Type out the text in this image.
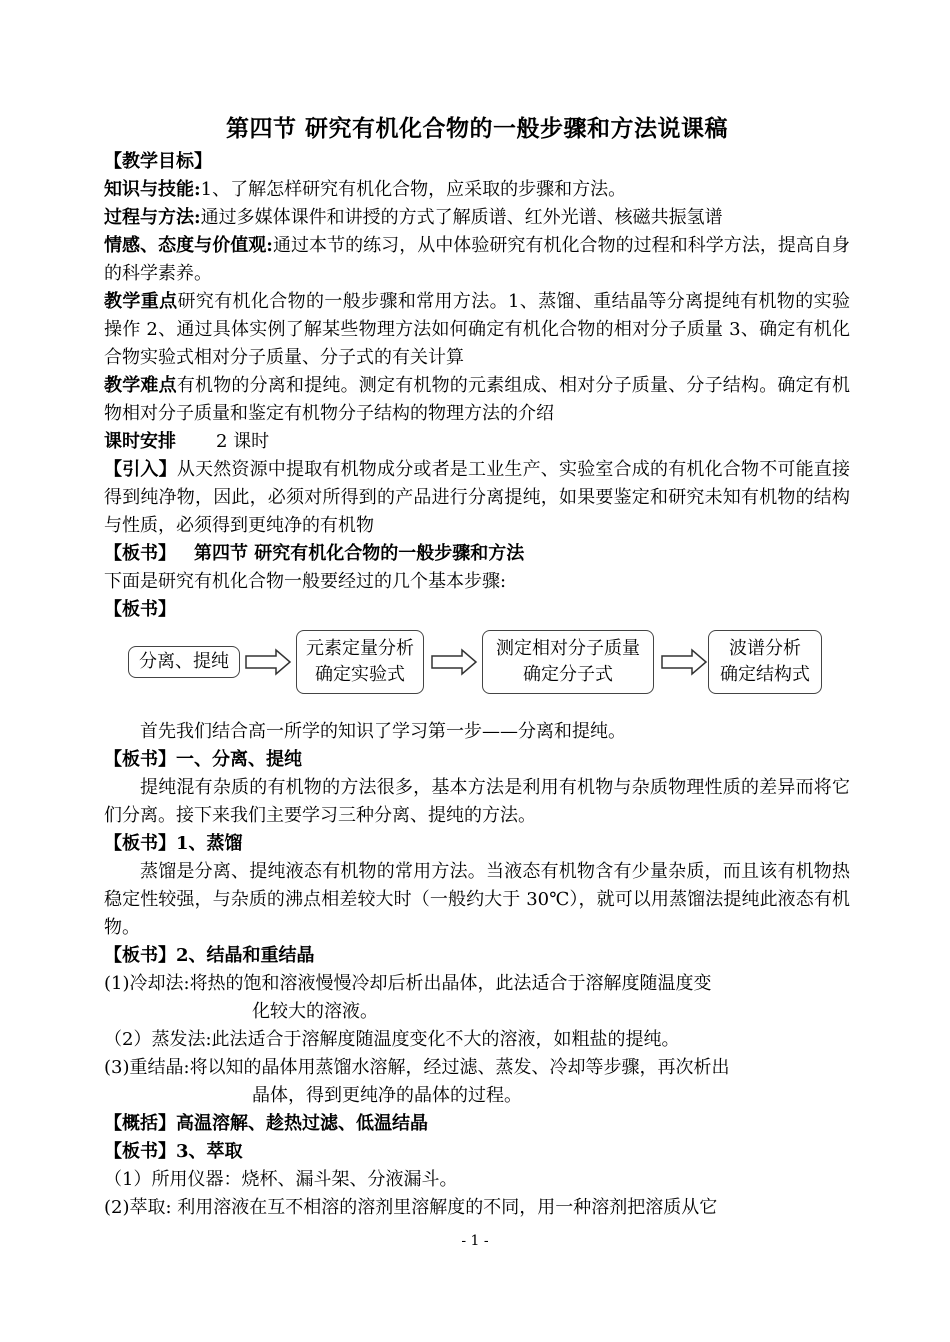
第四节 研究有机化合物的一般步骤和方法说课稿
【教学目标】
知识与技能:1、了解怎样研究有机化合物，应采取的步骤和方法。
过程与方法:通过多媒体课件和讲授的方式了解质谱、红外光谱、核磁共振氢谱
情感、态度与价值观:通过本节的练习，从中体验研究有机化合物的过程和科学方法，提高自身的科学素养。
教学重点研究有机化合物的一般步骤和常用方法。1、蒸馏、重结晶等分离提纯有机物的实验操作 2、通过具体实例了解某些物理方法如何确定有机化合物的相对分子质量 3、确定有机化合物实验式相对分子质量、分子式的有关计算
教学难点有机物的分离和提纯。测定有机物的元素组成、相对分子质量、分子结构。确定有机物相对分子质量和鉴定有机物分子结构的物理方法的介绍
课时安排 2 课时
【引入】从天然资源中提取有机物成分或者是工业生产、实验室合成的有机化合物不可能直接得到纯净物，因此，必须对所得到的产品进行分离提纯，如果要鉴定和研究未知有机物的结构与性质，必须得到更纯净的有机物
【板书】 第四节 研究有机化合物的一般步骤和方法
下面是研究有机化合物一般要经过的几个基本步骤:
【板书】
分离、提纯
元素定量分析
确定实验式
测定相对分子质量
确定分子式
波谱分析
确定结构式
首先我们结合高一所学的知识了学习第一步——分离和提纯。
【板书】一、分离、提纯
提纯混有杂质的有机物的方法很多，基本方法是利用有机物与杂质物理性质的差异而将它们分离。接下来我们主要学习三种分离、提纯的方法。
【板书】1、蒸馏
蒸馏是分离、提纯液态有机物的常用方法。当液态有机物含有少量杂质，而且该有机物热稳定性较强，与杂质的沸点相差较大时（一般约大于 30℃），就可以用蒸馏法提纯此液态有机物。
【板书】2、结晶和重结晶
(1)冷却法:将热的饱和溶液慢慢冷却后析出晶体，此法适合于溶解度随温度变
化较大的溶液。
（2）蒸发法:此法适合于溶解度随温度变化不大的溶液，如粗盐的提纯。
(3)重结晶:将以知的晶体用蒸馏水溶解，经过滤、蒸发、冷却等步骤，再次析出
晶体，得到更纯净的晶体的过程。
【概括】高温溶解、趁热过滤、低温结晶
【板书】3、萃取
（1）所用仪器：烧杯、漏斗架、分液漏斗。
(2)萃取: 利用溶液在互不相溶的溶剂里溶解度的不同，用一种溶剂把溶质从它
- 1 -
